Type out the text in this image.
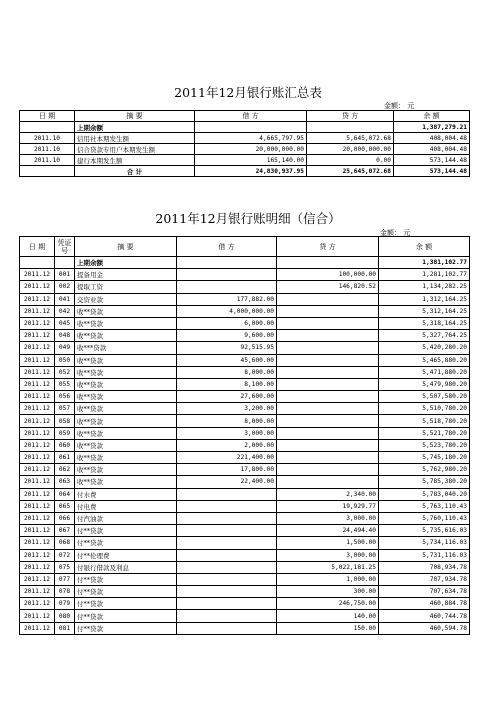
2011年12月银行账汇总表
金额： 元
日 期	摘 要	借 方	贷 方	余 额
	上期余额			1,387,279.21
2011.10	信用社本期发生额	4,665,797.95	5,645,072.68	408,004.48
2011.10	信合贷款专用户本期发生额	20,000,000.00	20,000,000.00	408,004.48
2011.10	建行本期发生额	165,140.00	0.00	573,144.48
	合 计	24,830,937.95	25,645,072.68	573,144.48
2011年12月银行账明细（信合）
金额： 元
日 期	凭证号	摘 要	借 方	贷 方	余 额
		上期余额			1,381,102.77
2011.12	001	提备用金		100,000.00	1,281,102.77
2011.12	002	提取工资		146,820.52	1,134,282.25
2011.12	041	交资业款	177,882.00		1,312,164.25
2011.12	042	收**贷款	4,000,000.00		5,312,164.25
2011.12	045	收**贷款	6,000.00		5,318,164.25
2011.12	048	收**贷款	9,600.00		5,327,764.25
2011.12	049	收***贷款	92,515.95		5,420,280.20
2011.12	050	收**贷款	45,600.00		5,465,880.20
2011.12	052	收**贷款	8,000.00		5,471,880.20
2011.12	055	收**贷款	8,100.00		5,479,980.20
2011.12	056	收**贷款	27,600.00		5,507,580.20
2011.12	057	收**贷款	3,200.00		5,510,780.20
2011.12	058	收**贷款	8,000.00		5,518,780.20
2011.12	059	收**贷款	3,000.00		5,521,780.20
2011.12	060	收**贷款	2,000.00		5,523,780.20
2011.12	061	收**贷款	221,400.00		5,745,180.20
2011.12	062	收**贷款	17,800.00		5,762,980.20
2011.12	063	收**贷款	22,400.00		5,785,380.20
2011.12	064	付水费		2,340.00	5,783,040.20
2011.12	065	付电费		19,929.77	5,763,110.43
2011.12	066	付汽油款		3,000.00	5,760,110.43
2011.12	067	付**贷款		24,494.40	5,735,616.03
2011.12	068	付**贷款		1,500.00	5,734,116.03
2011.12	072	付**伦理费		3,000.00	5,731,116.03
2011.12	075	付银行借款及利息		5,022,181.25	708,934.78
2011.12	077	付**贷款		1,000.00	707,934.78
2011.12	078	付**贷款		300.00	707,634.78
2011.12	079	付**贷款		246,750.00	460,884.78
2011.12	080	付**贷款		140.00	460,744.78
2011.12	081	付**贷款		150.00	460,594.78
